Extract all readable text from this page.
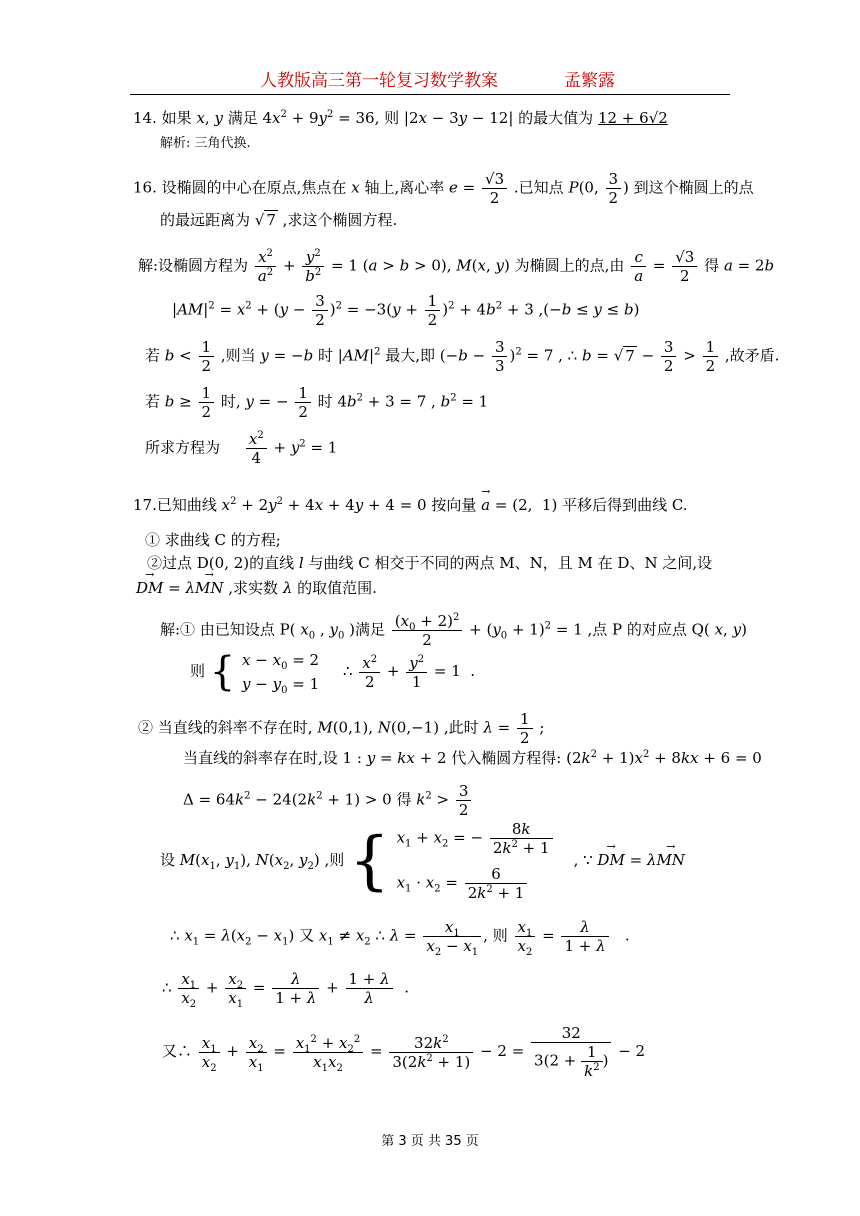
人教版高三第一轮复习数学教案	孟繁露
14. 如果 x, y 满足 $4x^2 + 9y^2 = 36$, 则 |2x − 3y − 12| 的最大值为 12 + 6√2
解析: 三角代换.
16. 设椭圆的中心在原点,焦点在 x 轴上,离心率 $e = \frac{√3}{2}$ .已知点 P(0, $\frac{3}{2}$ ) 到这个椭圆上的点
的最远距离为 √ 7 ,求这个椭圆方程.
解:设椭圆方程为 $\frac{x^2}{a^2} + \frac{y^2}{b^2} = 1$ (a > b > 0), M(x, y) 为椭圆上的点,由 $\frac{c}{a} = \frac{√3}{2}$ 得 a = 2b
$|AM|^2 = x^2 + (y - \frac{3}{2} )^2 = -3(y + \frac{1}{2} )^2 + 4b^2 + 3$ ,(−b ≤ y ≤ b)
若 $b < \frac{1}{2}$ ,则当 y = −b 时 $|AM|^2$ 最大,即 $(-b - \frac{3}{3} )^2 = 7$ , ∴ b = √ $7 - \frac{3}{2} > \frac{1}{2}$ ,故矛盾.
若 $b \ge \frac{1}{2}$ 时, y = − $\frac{1}{2}$ 时 $4b^2 + 3 = 7$ , $b^2 = 1$
所求方程为 $\frac{x^2}{4} + y^2 = 1$
17.已知曲线 $x^2 + 2y^2 + 4x + 4y + 4 = 0$ 按向量 → a = (2,  1) 平移后得到曲线 C.
① 求曲线 C 的方程;
②过点 D(0, 2)的直线 l 与曲线 C 相交于不同的两点 M、N，且 M 在 D、N 之间,设
→ DM = λ→ MN ,求实数 λ 的取值范围.
解:① 由已知设点 P( $x_0$ , $y_0$ )满足 $\frac{(x_0 + 2)^2}{2} + (y_0 + 1)^2 = 1$ ,点 P 的对应点 Q( x, y)
则 { $x - x_0 = 2$
$y - y_0 = 1$
∴ $\frac{x^2}{2} + \frac{y^2}{1} = 1$  .
② 当直线的斜率不存在时, M(0,1), N(0,−1) ,此时 $\lambda = \frac{1}{2}$ ;
当直线的斜率存在时,设 1 : y = kx + 2 代入椭圆方程得: $(2k^2 + 1)x^2 + 8kx + 6 = 0$
$\Delta = 64k^2 - 24(2k^2 + 1) > 0$ 得 $k^2 > \frac{3}{2}$
设 $M(x_1$, $y_1$), $N(x_2$, $y_2$) ,则 { $x_1 + x_2$ = − $\frac{8k}{2k^2 + 1}$
$x_1 \cdot x_2 = \frac{6}{2k^2 + 1}$
, ∵ → DM = λ→ MN
∴ $x_1 = \lambda(x_2 - x_1)$ 又 $x_1 \ne x_2$ ∴ $\lambda = \frac{x_1}{x_2 - x_1}$ , 则 $\frac{x_1}{x_2} = \frac{\lambda}{1 + \lambda}$ .
∴ $\frac{x_1}{x_2} + \frac{x_2}{x_1} = \frac{\lambda}{1 + \lambda} + \frac{1 + \lambda}{\lambda}$ .
又∴ $\frac{x_1}{x_2} + \frac{x_2}{x_1} = \frac{x_1^2 + x_2^2}{x_1x_2} = \frac{32k^2}{3(2k^2 + 1)} - 2 = \frac{32}{3(2 + \frac{1}{k^2} )} - 2$
第 3 页 共 35 页
